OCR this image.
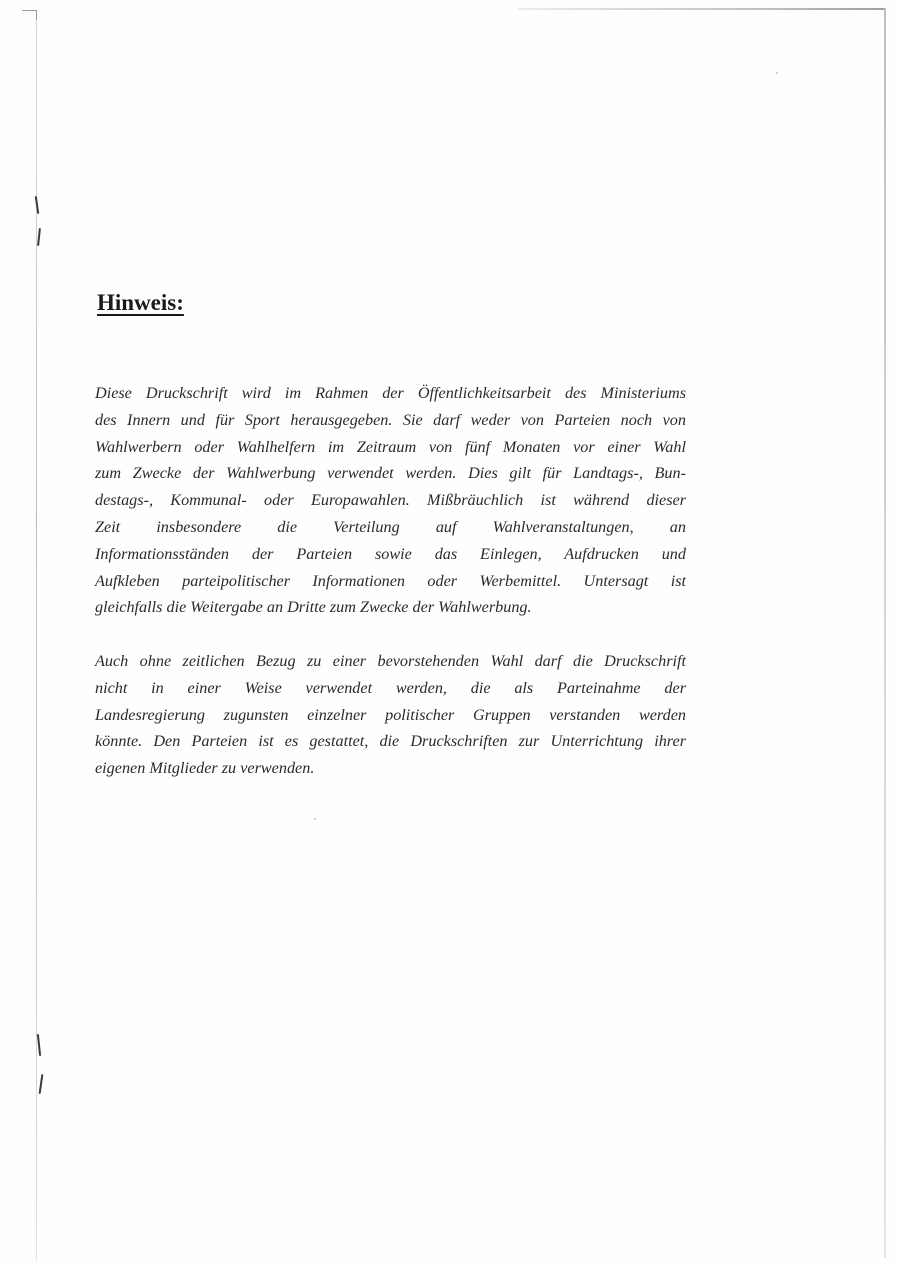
Hinweis:
Diese Druckschrift wird im Rahmen der Öffentlichkeitsarbeit des Ministeriums
des Innern und für Sport herausgegeben. Sie darf weder von Parteien noch von
Wahlwerbern oder Wahlhelfern im Zeitraum von fünf Monaten vor einer Wahl
zum Zwecke der Wahlwerbung verwendet werden. Dies gilt für Landtags-, Bun-
destags-, Kommunal- oder Europawahlen. Mißbräuchlich ist während dieser
Zeit insbesondere die Verteilung auf Wahlveranstaltungen, an
Informationsständen der Parteien sowie das Einlegen, Aufdrucken und
Aufkleben parteipolitischer Informationen oder Werbemittel. Untersagt ist
gleichfalls die Weitergabe an Dritte zum Zwecke der Wahlwerbung.
Auch ohne zeitlichen Bezug zu einer bevorstehenden Wahl darf die Druckschrift
nicht in einer Weise verwendet werden, die als Parteinahme der
Landesregierung zugunsten einzelner politischer Gruppen verstanden werden
könnte. Den Parteien ist es gestattet, die Druckschriften zur Unterrichtung ihrer
eigenen Mitglieder zu verwenden.
